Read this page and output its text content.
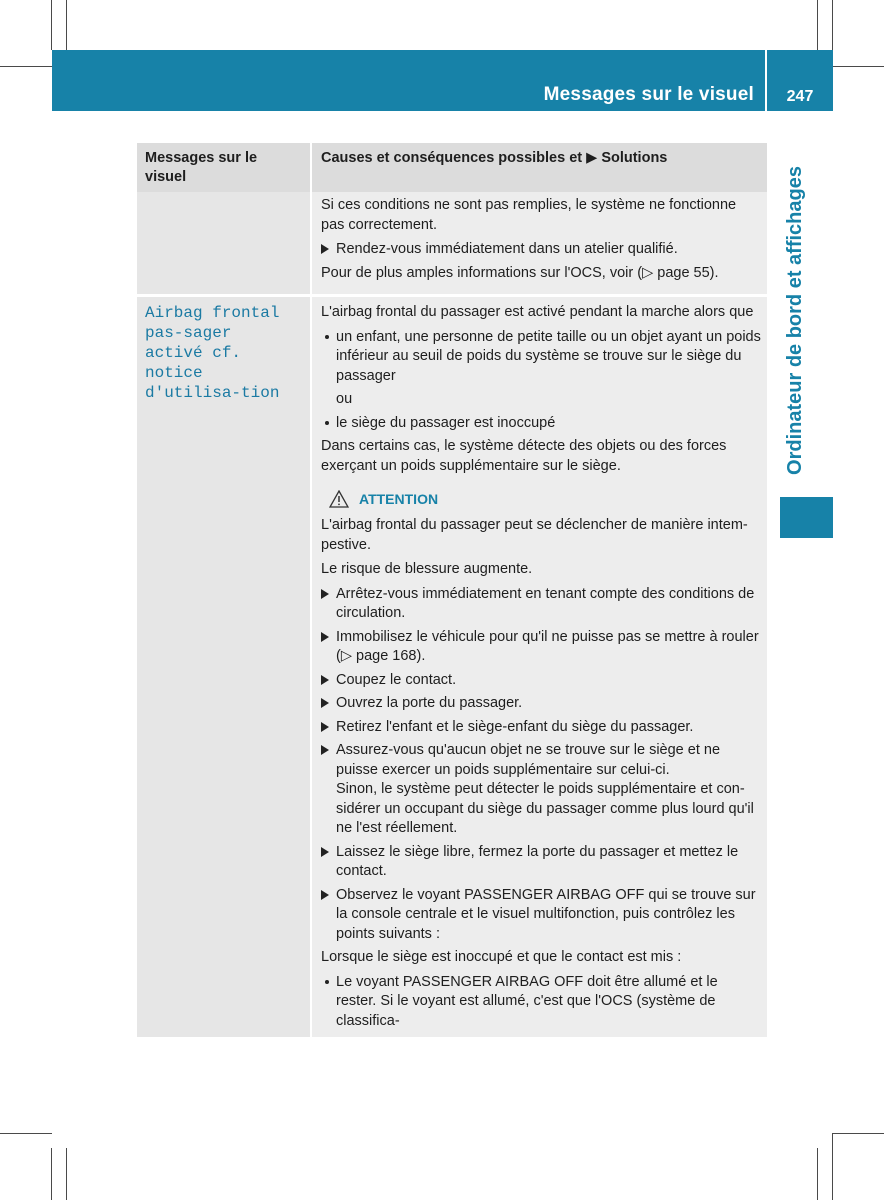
Messages sur le visuel	247
Ordinateur de bord et affichages
Messages sur le visuel
Causes et conséquences possibles et ▶ Solutions

Si ces conditions ne sont pas remplies, le système ne fonctionne pas correctement.

Rendez-vous immédiatement dans un atelier qualifié.

Pour de plus amples informations sur l'OCS, voir (▷ page 55).

Airbag frontal pas-sager activé cf. notice d'utilisa-tion

L'airbag frontal du passager est activé pendant la marche alors que

un enfant, une personne de petite taille ou un objet ayant un poids inférieur au seuil de poids du système se trouve sur le siège du passager
ou
le siège du passager est inoccupé

Dans certains cas, le système détecte des objets ou des forces exerçant un poids supplémentaire sur le siège.

ATTENTION

L'airbag frontal du passager peut se déclencher de manière intem-pestive.

Le risque de blessure augmente.

Arrêtez-vous immédiatement en tenant compte des conditions de circulation.
Immobilisez le véhicule pour qu'il ne puisse pas se mettre à rouler (▷ page 168).
Coupez le contact.
Ouvrez la porte du passager.
Retirez l'enfant et le siège-enfant du siège du passager.
Assurez-vous qu'aucun objet ne se trouve sur le siège et ne puisse exercer un poids supplémentaire sur celui-ci.
Sinon, le système peut détecter le poids supplémentaire et con-sidérer un occupant du siège du passager comme plus lourd qu'il ne l'est réellement.
Laissez le siège libre, fermez la porte du passager et mettez le contact.
Observez le voyant PASSENGER AIRBAG OFF qui se trouve sur la console centrale et le visuel multifonction, puis contrôlez les points suivants :

Lorsque le siège est inoccupé et que le contact est mis :

Le voyant PASSENGER AIRBAG OFF doit être allumé et le rester. Si le voyant est allumé, c'est que l'OCS (système de classifica-
